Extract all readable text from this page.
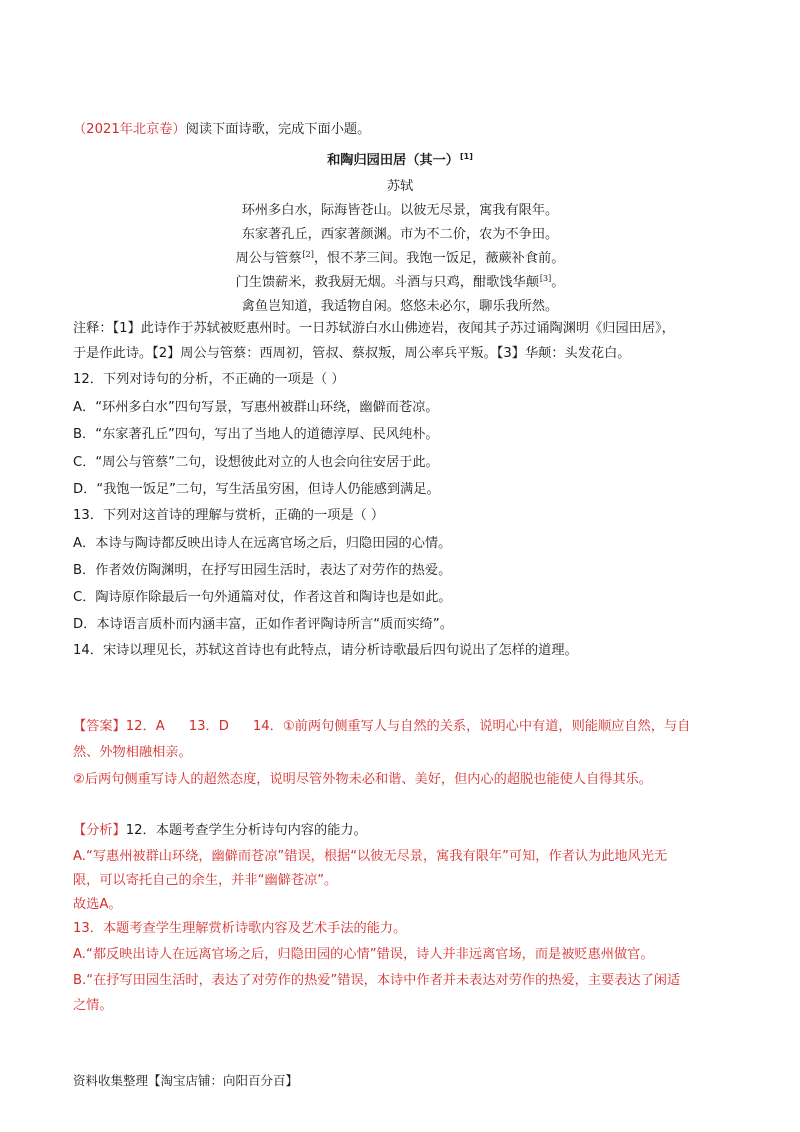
（2021年北京卷）阅读下面诗歌，完成下面小题。
和陶归园田居（其一）[1]
苏轼
环州多白水，际海皆苍山。以彼无尽景，寓我有限年。
东家著孔丘，西家著颜渊。市为不二价，农为不争田。
周公与管蔡[2]，恨不茅三间。我饱一饭足，薇蕨补食前。
门生馈薪米，救我厨无烟。斗酒与只鸡，酣歌饯华颠[3]。
禽鱼岂知道，我适物自闲。悠悠未必尔，聊乐我所然。
注释：【1】此诗作于苏轼被贬惠州时。一日苏轼游白水山佛迹岩，夜闻其子苏过诵陶渊明《归园田居》，
于是作此诗。【2】周公与管蔡：西周初，管叔、蔡叔叛，周公率兵平叛。【3】华颠：头发花白。
12．下列对诗句的分析，不正确的一项是（ ）
A．“环州多白水”四句写景，写惠州被群山环绕，幽僻而苍凉。
B．“东家著孔丘”四句，写出了当地人的道德淳厚、民风纯朴。
C．“周公与管蔡”二句，设想彼此对立的人也会向往安居于此。
D．“我饱一饭足”二句，写生活虽穷困，但诗人仍能感到满足。
13．下列对这首诗的理解与赏析，正确的一项是（ ）
A．本诗与陶诗都反映出诗人在远离官场之后，归隐田园的心情。
B．作者效仿陶渊明，在抒写田园生活时，表达了对劳作的热爱。
C．陶诗原作除最后一句外通篇对仗，作者这首和陶诗也是如此。
D．本诗语言质朴而内涵丰富，正如作者评陶诗所言“质而实绮”。
14．宋诗以理见长，苏轼这首诗也有此特点，请分析诗歌最后四句说出了怎样的道理。
【答案】12．A 13．D 14．①前两句侧重写人与自然的关系，说明心中有道，则能顺应自然，与自
然、外物相融相亲。
②后两句侧重写诗人的超然态度，说明尽管外物未必和谐、美好，但内心的超脱也能使人自得其乐。
【分析】12．本题考查学生分析诗句内容的能力。
A.“写惠州被群山环绕，幽僻而苍凉”错误，根据“以彼无尽景，寓我有限年”可知，作者认为此地风光无
限，可以寄托自己的余生，并非“幽僻苍凉”。
故选A。
13．本题考查学生理解赏析诗歌内容及艺术手法的能力。
A.“都反映出诗人在远离官场之后，归隐田园的心情”错误，诗人并非远离官场，而是被贬惠州做官。
B.“在抒写田园生活时，表达了对劳作的热爱”错误，本诗中作者并未表达对劳作的热爱，主要表达了闲适
之情。
资料收集整理【淘宝店铺：向阳百分百】
